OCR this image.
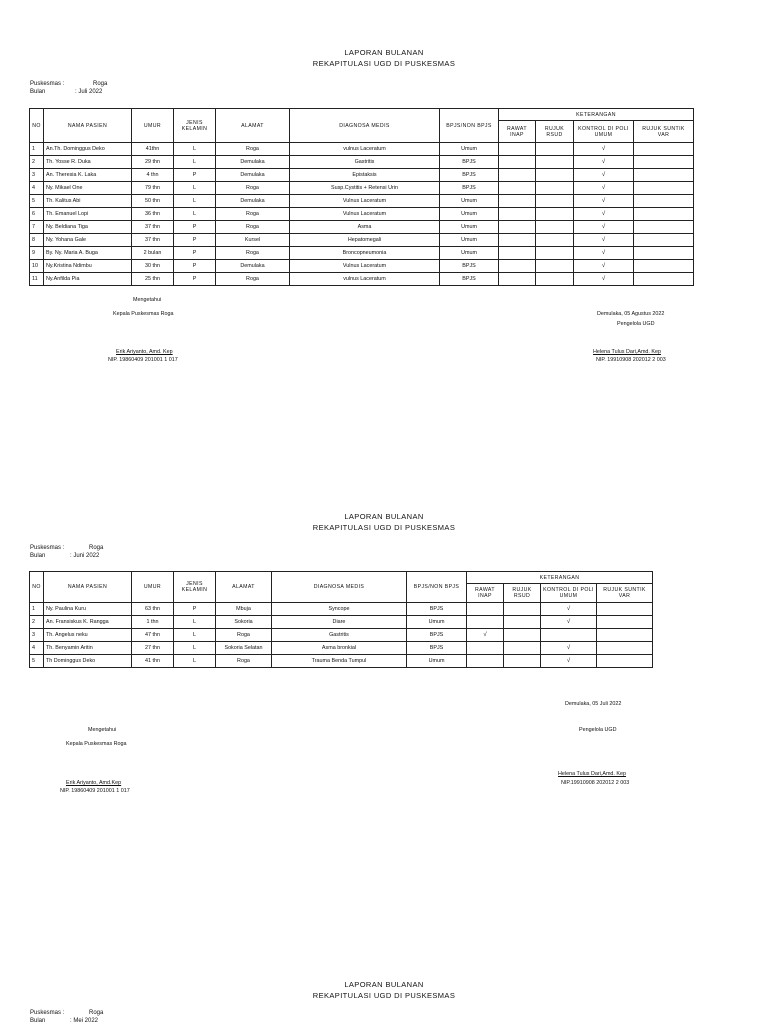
LAPORAN BULANAN
REKAPITULASI UGD DI PUSKESMAS
Puskesmas :	Roga
Bulan	: Juli 2022
NO	NAMA PASIEN	UMUR	JENIS KELAMIN	ALAMAT	DIAGNOSA MEDIS	BPJS/NON BPJS	KETERANGAN			
							RAWAT INAP	RUJUK RSUD	KONTROL DI POLI UMUM	RUJUK SUNTIK VAR
1	An.Th. Dominggus Deko	41thn	L	Roga	vulnus Laceratum	Umum			√	
2	Th. Yosse R. Duka	29 thn	L	Demulaka	Gastritis	BPJS			√	
3	An. Theresia K. Laka	4 thn	P	Demulaka	Epistaksis	BPJS			√	
4	Ny. Mikael One	79 thn	L	Roga	Susp.Cystitis + Retensi Urin	BPJS			√	
5	Th. Kalitus Abi	50 thn	L	Demulaka	Vulnus Laceratum	Umum			√	
6	Th. Emanuel Lopi	36 thn	L	Roga	Vulnus Laceratum	Umum			√	
7	Ny. Beldiana Tiga	37 thn	P	Roga	Asma	Umum			√	
8	Ny. Yohana Gale	37 thn	P	Kursel	Hepatomegali	Umum			√	
9	By. Ny. Maria A. Buga	2 bulan	P	Roga	Broncopneumonia	Umum			√	
10	Ny.Kristina Ndimbu	30 thn	P	Demulaka	Vulnus Laceratum	BPJS			√	
11	Ny.Anfilda Pia	25 thn	P	Roga	vulnus Laceratum	BPJS			√	
Mengetahui
Kepala Puskesmas Roga
Erik Ariyanto, Amd. Kep
NIP. 19860409 201001 1 017
Demulaka, 05 Agustus 2022
Pengelola UGD
Helena Tulus Dari,Amd. Kep
NIP. 19910908 202012 2 003
LAPORAN BULANAN
REKAPITULASI UGD DI PUSKESMAS
Puskesmas :	Roga
Bulan	: Juni 2022
NO	NAMA PASIEN	UMUR	JENIS KELAMIN	ALAMAT	DIAGNOSA MEDIS	BPJS/NON BPJS	KETERANGAN			
							RAWAT INAP	RUJUK RSUD	KONTROL DI POLI UMUM	RUJUK SUNTIK VAR
1	Ny. Paulina Kuru	63 thn	P	Mbuja	Syncope	BPJS			√	
2	An. Fransiskus K. Rangga	1 thn	L	Sokoria	Diare	Umum			√	
3	Th. Angelus neku	47 thn	L	Roga	Gastritis	BPJS	√			
4	Th. Benyamin Aritin	27 thn	L	Sokoria Selatan	Asma bronkial	BPJS			√	
5	Th Dominggus Deko	41 thn	L	Roga	Trauma Benda Tumpul	Umum			√	
Demulaka, 05 Juli 2022
Mengetahui	Pengelola UGD
Kepala Puskesmas Roga
Erik Ariyanto, Amd.Kep
NIP. 19860409 201001 1 017
Helena Tulus Dari,Amd. Kep
NIP.19910908 202012 2 003
LAPORAN BULANAN
REKAPITULASI UGD DI PUSKESMAS
Puskesmas :	Roga
Bulan	: Mei 2022
